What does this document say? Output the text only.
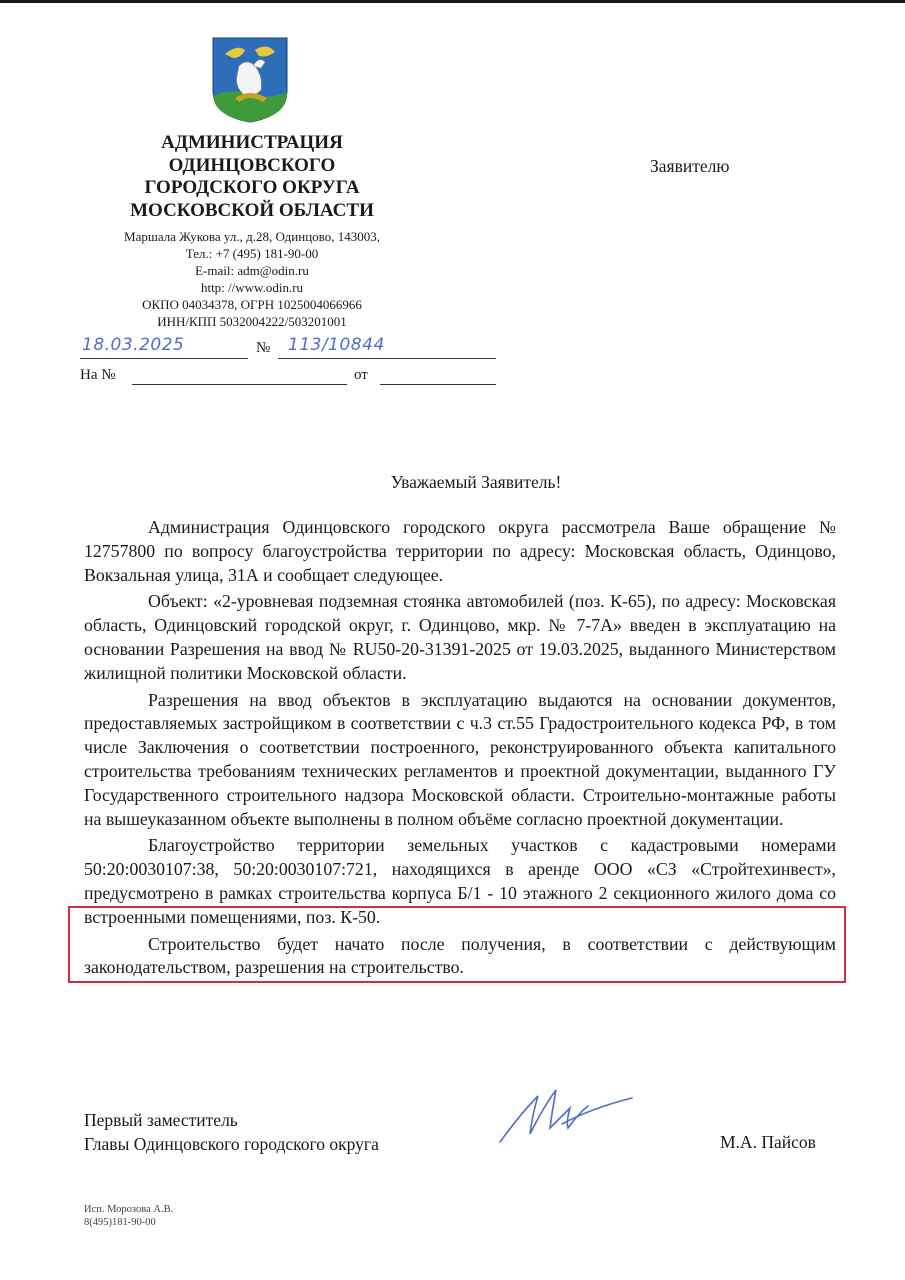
АДМИНИСТРАЦИЯ
ОДИНЦОВСКОГО
ГОРОДСКОГО ОКРУГА
МОСКОВСКОЙ ОБЛАСТИ
Маршала Жукова ул., д.28, Одинцово, 143003,
Тел.: +7 (495) 181-90-00
E-mail: adm@odin.ru
http: //www.odin.ru
ОКПО 04034378, ОГРН 1025004066966
ИНН/КПП 5032004222/503201001
Заявителю
18.03.2025	№ 113/10844
На №	от
Уважаемый Заявитель!

Администрация Одинцовского городского округа рассмотрела Ваше обращение № 12757800 по вопросу благоустройства территории по адресу: Московская область, Одинцово, Вокзальная улица, 31А и сообщает следующее.

Объект: «2-уровневая подземная стоянка автомобилей (поз. К-65), по адресу: Московская область, Одинцовский городской округ, г. Одинцово, мкр. № 7-7А» введен в эксплуатацию на основании Разрешения на ввод № RU50-20-31391-2025 от 19.03.2025, выданного Министерством жилищной политики Московской области.

Разрешения на ввод объектов в эксплуатацию выдаются на основании документов, предоставляемых застройщиком в соответствии с ч.3 ст.55 Градостроительного кодекса РФ, в том числе Заключения о соответствии построенного, реконструированного объекта капитального строительства требованиям технических регламентов и проектной документации, выданного ГУ Государственного строительного надзора Московской области. Строительно-монтажные работы на вышеуказанном объекте выполнены в полном объёме согласно проектной документации.

Благоустройство территории земельных участков с кадастровыми номерами 50:20:0030107:38, 50:20:0030107:721, находящихся в аренде ООО «СЗ «Стройтехинвест», предусмотрено в рамках строительства корпуса Б/1 - 10 этажного 2 секционного жилого дома со встроенными помещениями, поз. К-50.

Строительство будет начато после получения, в соответствии с действующим законодательством, разрешения на строительство.

Первый заместитель
Главы Одинцовского городского округа	М.А. Пайсов
Исп. Морозова А.В.
8(495)181-90-00
